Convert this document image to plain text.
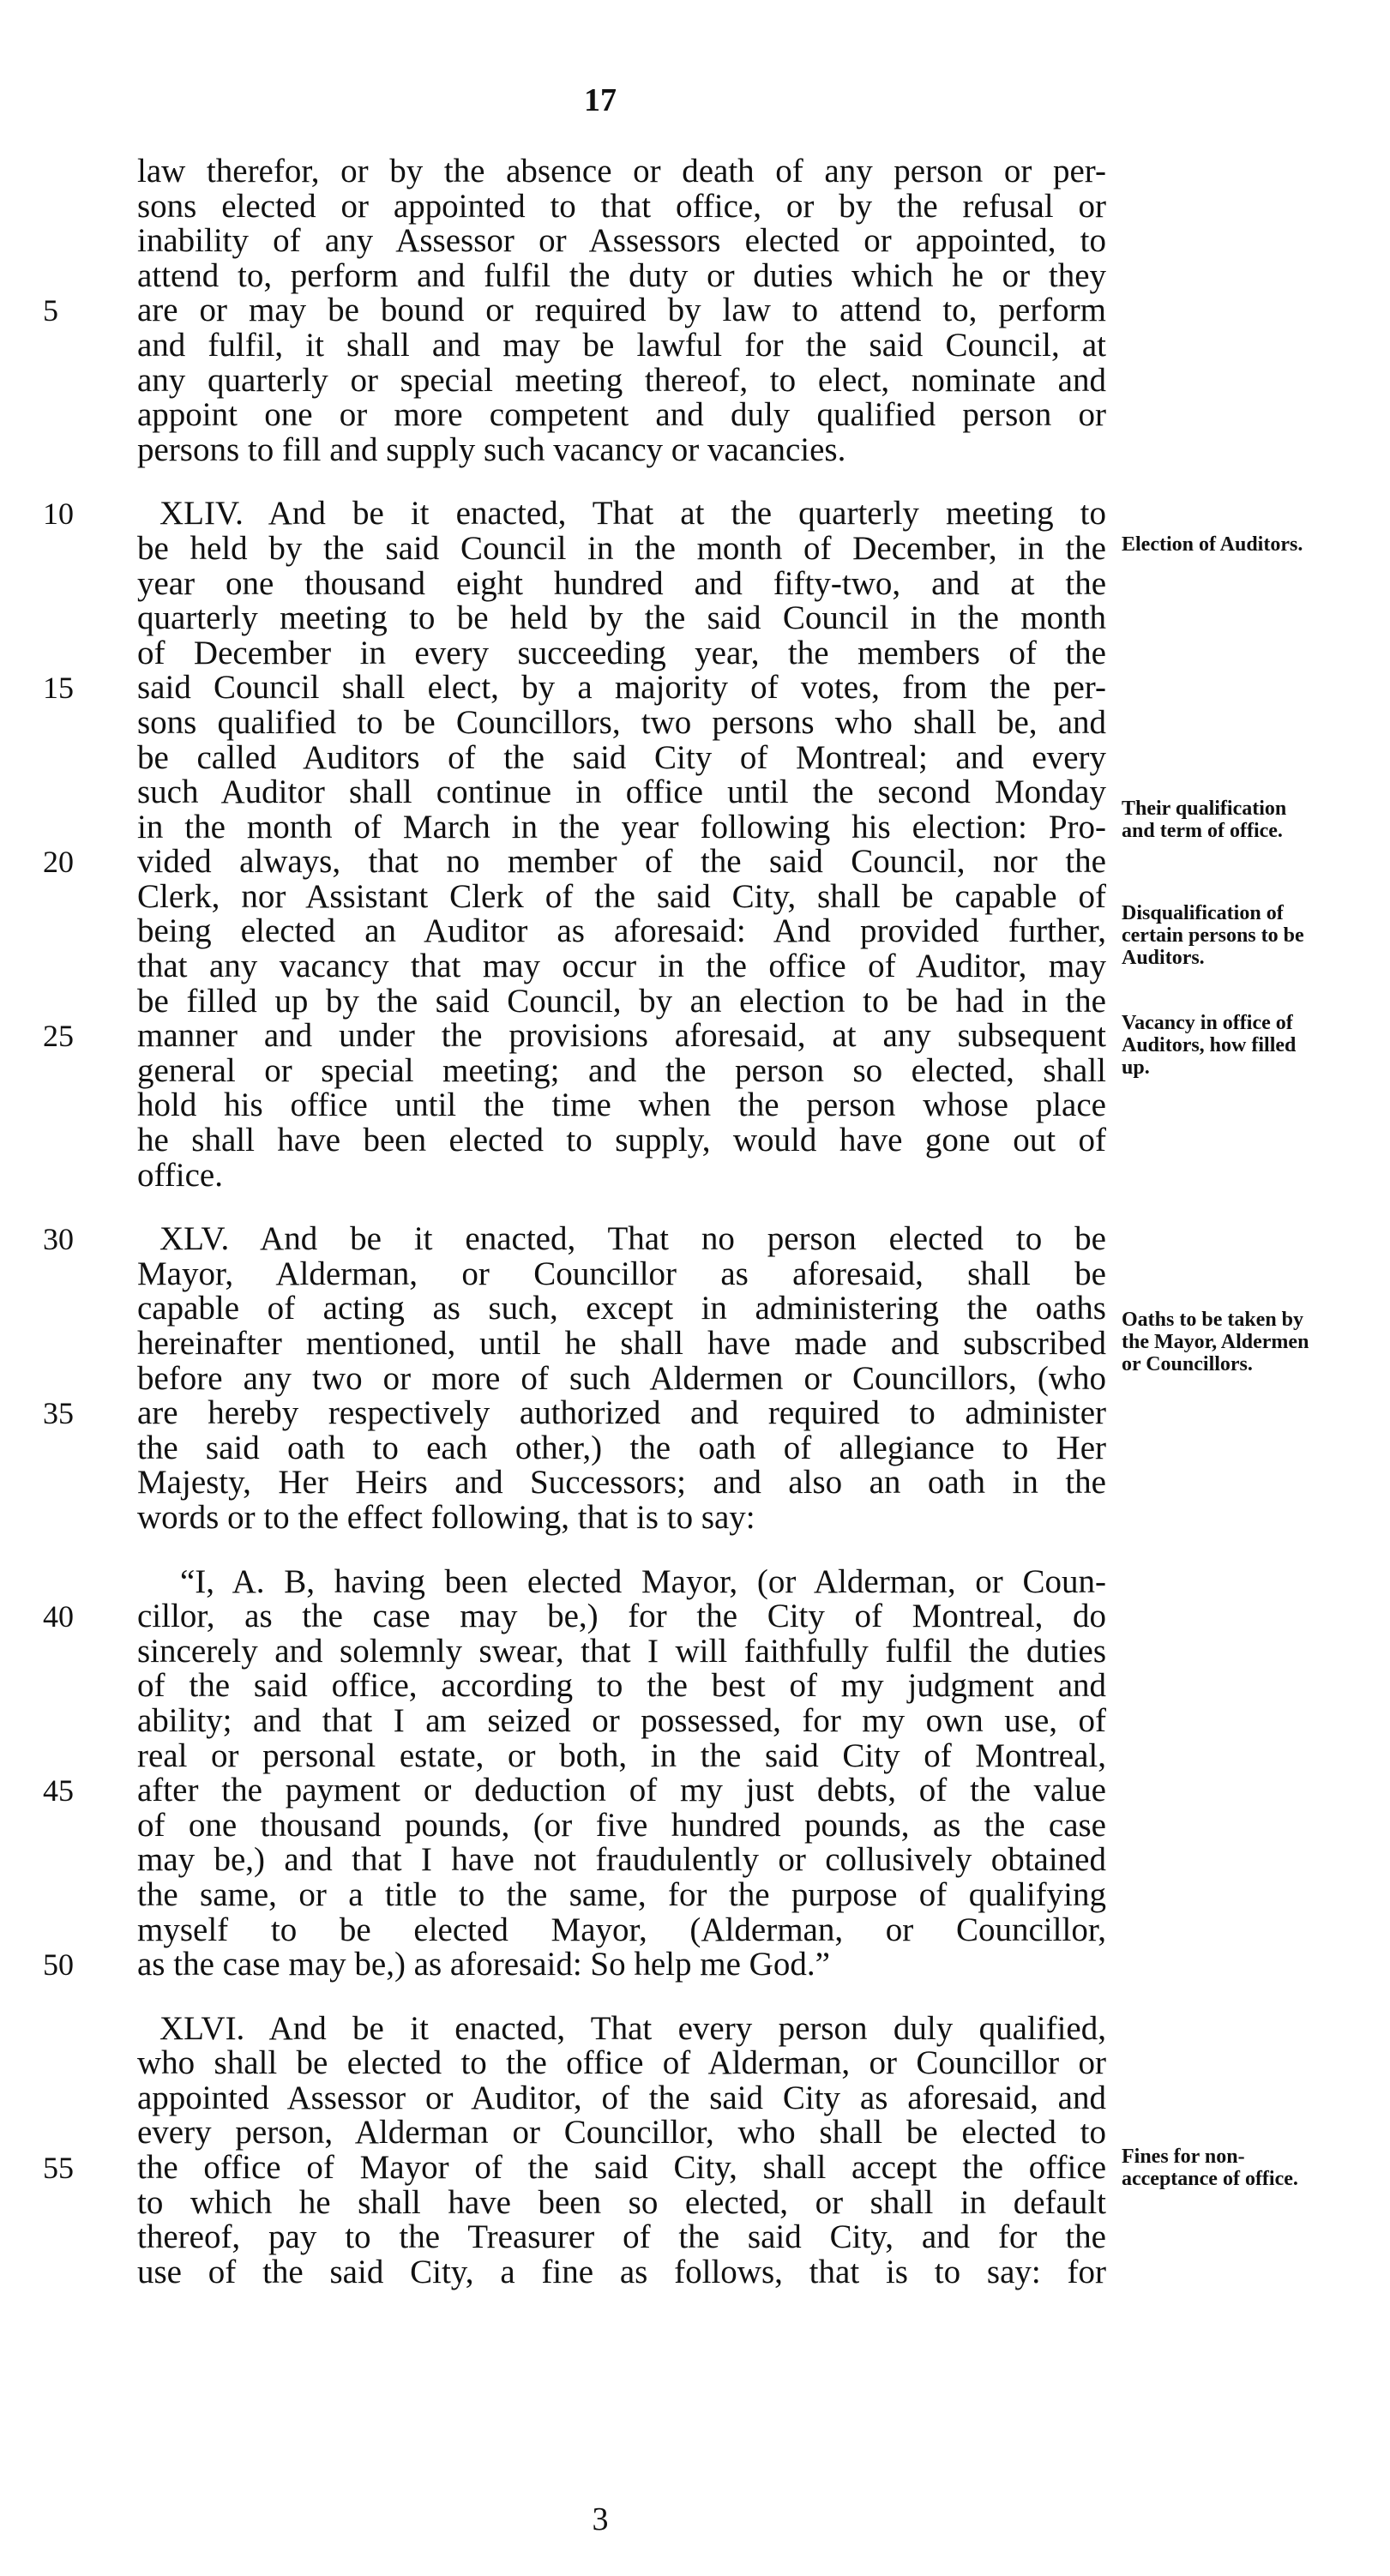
17
law therefor, or by the absence or death of any person or per-
sons elected or appointed to that office, or by the refusal or
inability of any Assessor or Assessors elected or appointed, to
attend to, perform and fulfil the duty or duties which he or they
5	are or may be bound or required by law to attend to, perform
and fulfil, it shall and may be lawful for the said Council, at
any quarterly or special meeting thereof, to elect, nominate and
appoint one or more competent and duly qualified person or
persons to fill and supply such vacancy or vacancies.
10	XLIV. And be it enacted, That at the quarterly meeting to
be held by the said Council in the month of December, in the
year one thousand eight hundred and fifty-two, and at the
quarterly meeting to be held by the said Council in the month
of December in every succeeding year, the members of the
15	said Council shall elect, by a majority of votes, from the per-
sons qualified to be Councillors, two persons who shall be, and
be called Auditors of the said City of Montreal; and every
such Auditor shall continue in office until the second Monday
in the month of March in the year following his election: Pro-
20	vided always, that no member of the said Council, nor the
Clerk, nor Assistant Clerk of the said City, shall be capable of
being elected an Auditor as aforesaid: And provided further,
that any vacancy that may occur in the office of Auditor, may
be filled up by the said Council, by an election to be had in the
25	manner and under the provisions aforesaid, at any subsequent
general or special meeting; and the person so elected, shall
hold his office until the time when the person whose place
he shall have been elected to supply, would have gone out of
office.
30	XLV. And be it enacted, That no person elected to be
Mayor, Alderman, or Councillor as aforesaid, shall be
capable of acting as such, except in administering the oaths
hereinafter mentioned, until he shall have made and subscribed
before any two or more of such Aldermen or Councillors, (who
35	are hereby respectively authorized and required to administer
the said oath to each other,) the oath of allegiance to Her
Majesty, Her Heirs and Successors; and also an oath in the
words or to the effect following, that is to say:
“I, A. B, having been elected Mayor, (or Alderman, or Coun-
40	cillor, as the case may be,) for the City of Montreal, do
sincerely and solemnly swear, that I will faithfully fulfil the duties
of the said office, according to the best of my judgment and
ability; and that I am seized or possessed, for my own use, of
real or personal estate, or both, in the said City of Montreal,
45	after the payment or deduction of my just debts, of the value
of one thousand pounds, (or five hundred pounds, as the case
may be,) and that I have not fraudulently or collusively obtained
the same, or a title to the same, for the purpose of qualifying
myself to be elected Mayor, (Alderman, or Councillor,
50	as the case may be,) as aforesaid: So help me God.”
XLVI. And be it enacted, That every person duly qualified,
who shall be elected to the office of Alderman, or Councillor or
appointed Assessor or Auditor, of the said City as aforesaid, and
every person, Alderman or Councillor, who shall be elected to
55	the office of Mayor of the said City, shall accept the office
to which he shall have been so elected, or shall in default
thereof, pay to the Treasurer of the said City, and for the
use of the said City, a fine as follows, that is to say: for
Election of Auditors.
Their qualification and term of office.
Disqualification of certain persons to be Auditors.
Vacancy in office of Auditors, how filled up.
Oaths to be taken by the Mayor, Aldermen or Councillors.
Fines for non-acceptance of office.
3
